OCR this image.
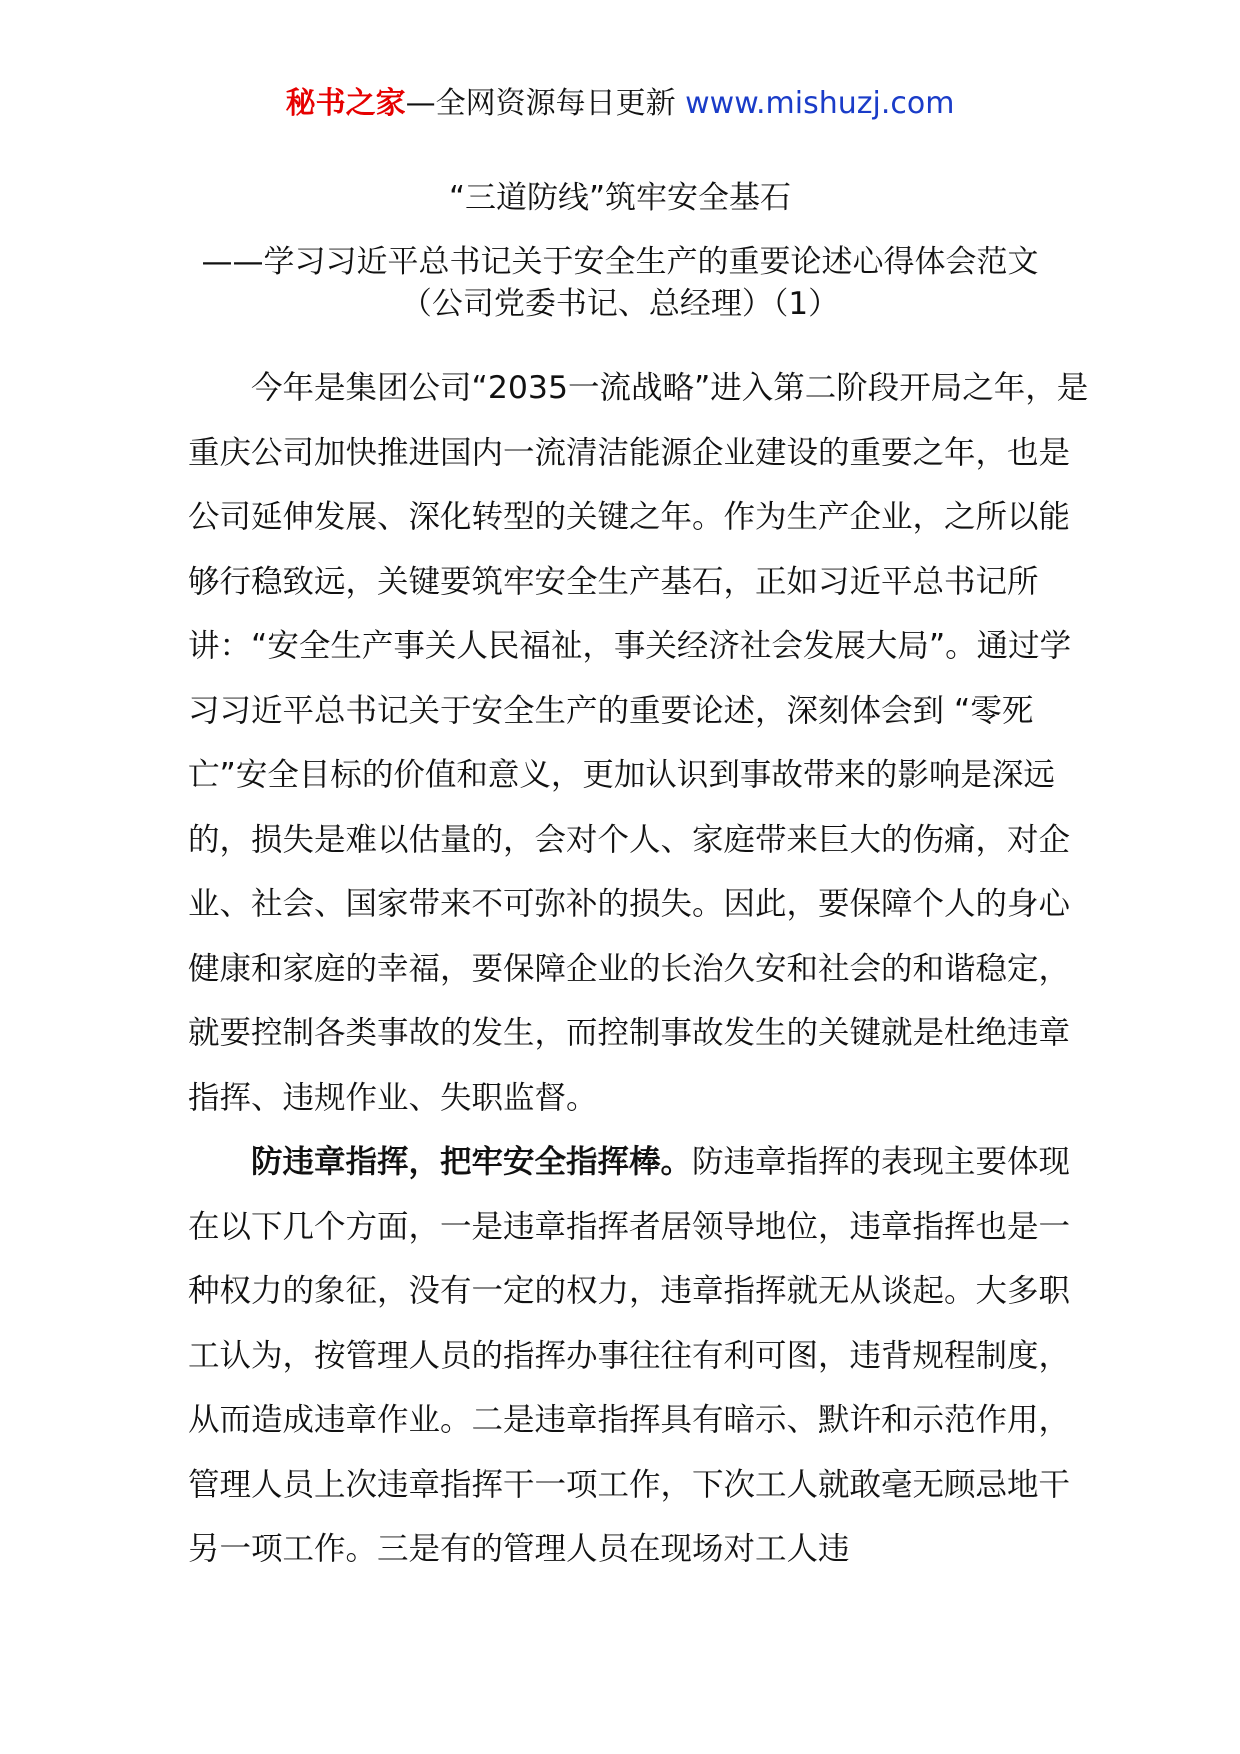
秘书之家—全网资源每日更新 www.mishuzj.com
“三道防线”筑牢安全基石
——学习习近平总书记关于安全生产的重要论述心得体会范文
（公司党委书记、总经理）（1）

今年是集团公司“2035一流战略”进入第二阶段开局之年，是重庆公司加快推进国内一流清洁能源企业建设的重要之年，也是公司延伸发展、深化转型的关键之年。作为生产企业，之所以能够行稳致远，关键要筑牢安全生产基石，正如习近平总书记所讲：“安全生产事关人民福祉，事关经济社会发展大局”。通过学习习近平总书记关于安全生产的重要论述，深刻体会到 “零死亡”安全目标的价值和意义，更加认识到事故带来的影响是深远的，损失是难以估量的，会对个人、家庭带来巨大的伤痛，对企业、社会、国家带来不可弥补的损失。因此，要保障个人的身心健康和家庭的幸福，要保障企业的长治久安和社会的和谐稳定，就要控制各类事故的发生，而控制事故发生的关键就是杜绝违章指挥、违规作业、失职监督。

防违章指挥，把牢安全指挥棒。防违章指挥的表现主要体现在以下几个方面，一是违章指挥者居领导地位，违章指挥也是一种权力的象征，没有一定的权力，违章指挥就无从谈起。大多职工认为，按管理人员的指挥办事往往有利可图，违背规程制度，从而造成违章作业。二是违章指挥具有暗示、默许和示范作用，管理人员上次违章指挥干一项工作，下次工人就敢毫无顾忌地干另一项工作。三是有的管理人员在现场对工人违
